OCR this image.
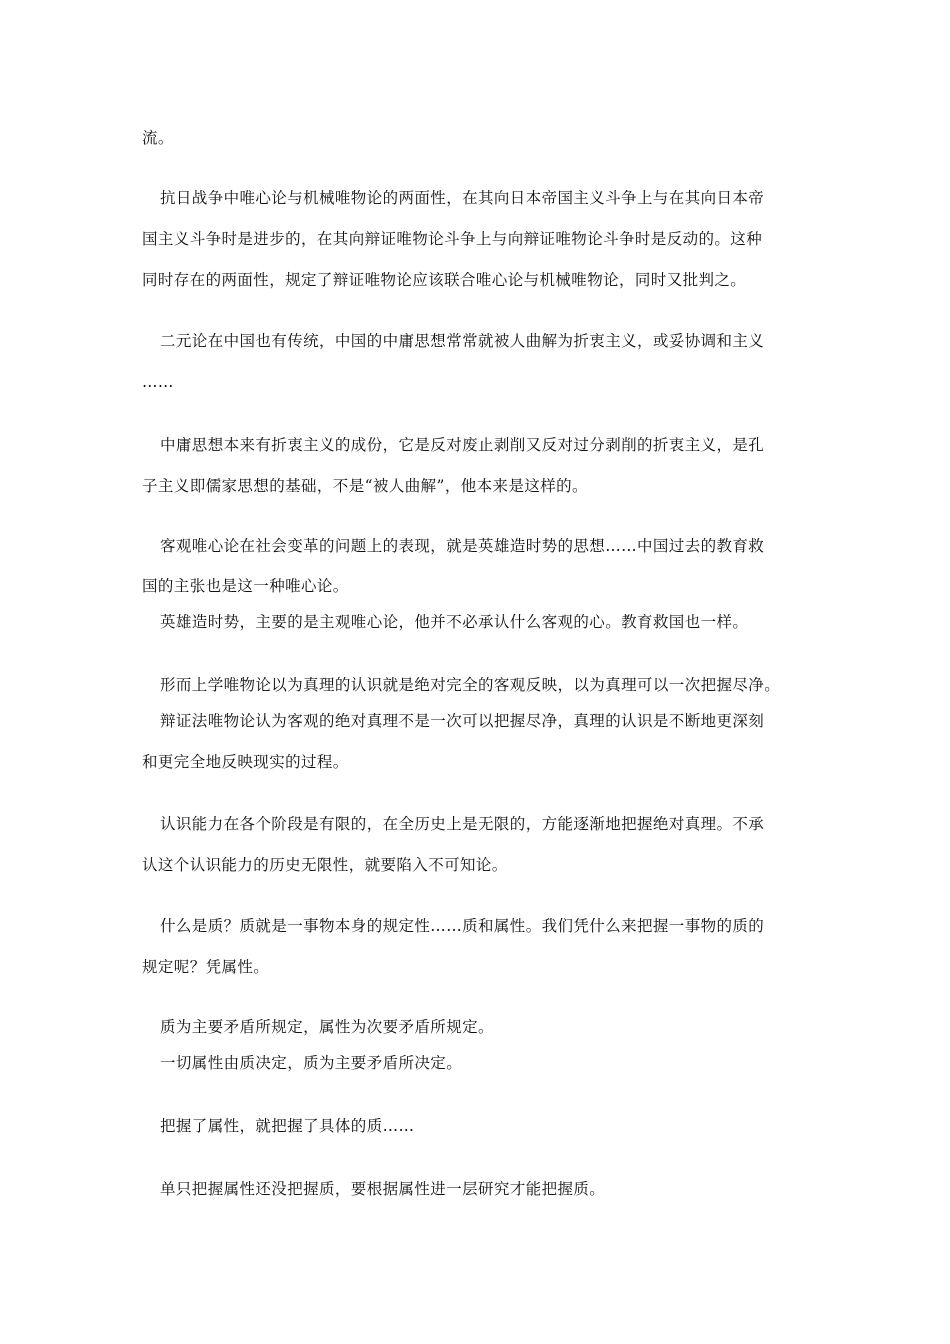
流。
抗日战争中唯心论与机械唯物论的两面性，在其向日本帝国主义斗争上与在其向日本帝
国主义斗争时是进步的，在其向辩证唯物论斗争上与向辩证唯物论斗争时是反动的。这种
同时存在的两面性，规定了辩证唯物论应该联合唯心论与机械唯物论，同时又批判之。
二元论在中国也有传统，中国的中庸思想常常就被人曲解为折衷主义，或妥协调和主义
……
中庸思想本来有折衷主义的成份，它是反对废止剥削又反对过分剥削的折衷主义，是孔
子主义即儒家思想的基础，不是“被人曲解”，他本来是这样的。
客观唯心论在社会变革的问题上的表现，就是英雄造时势的思想……中国过去的教育救
国的主张也是这一种唯心论。
英雄造时势，主要的是主观唯心论，他并不必承认什么客观的心。教育救国也一样。
形而上学唯物论以为真理的认识就是绝对完全的客观反映，以为真理可以一次把握尽净。
辩证法唯物论认为客观的绝对真理不是一次可以把握尽净，真理的认识是不断地更深刻
和更完全地反映现实的过程。
认识能力在各个阶段是有限的，在全历史上是无限的，方能逐渐地把握绝对真理。不承
认这个认识能力的历史无限性，就要陷入不可知论。
什么是质？质就是一事物本身的规定性……质和属性。我们凭什么来把握一事物的质的
规定呢？凭属性。
质为主要矛盾所规定，属性为次要矛盾所规定。
一切属性由质决定，质为主要矛盾所决定。
把握了属性，就把握了具体的质……
单只把握属性还没把握质，要根据属性进一层研究才能把握质。
